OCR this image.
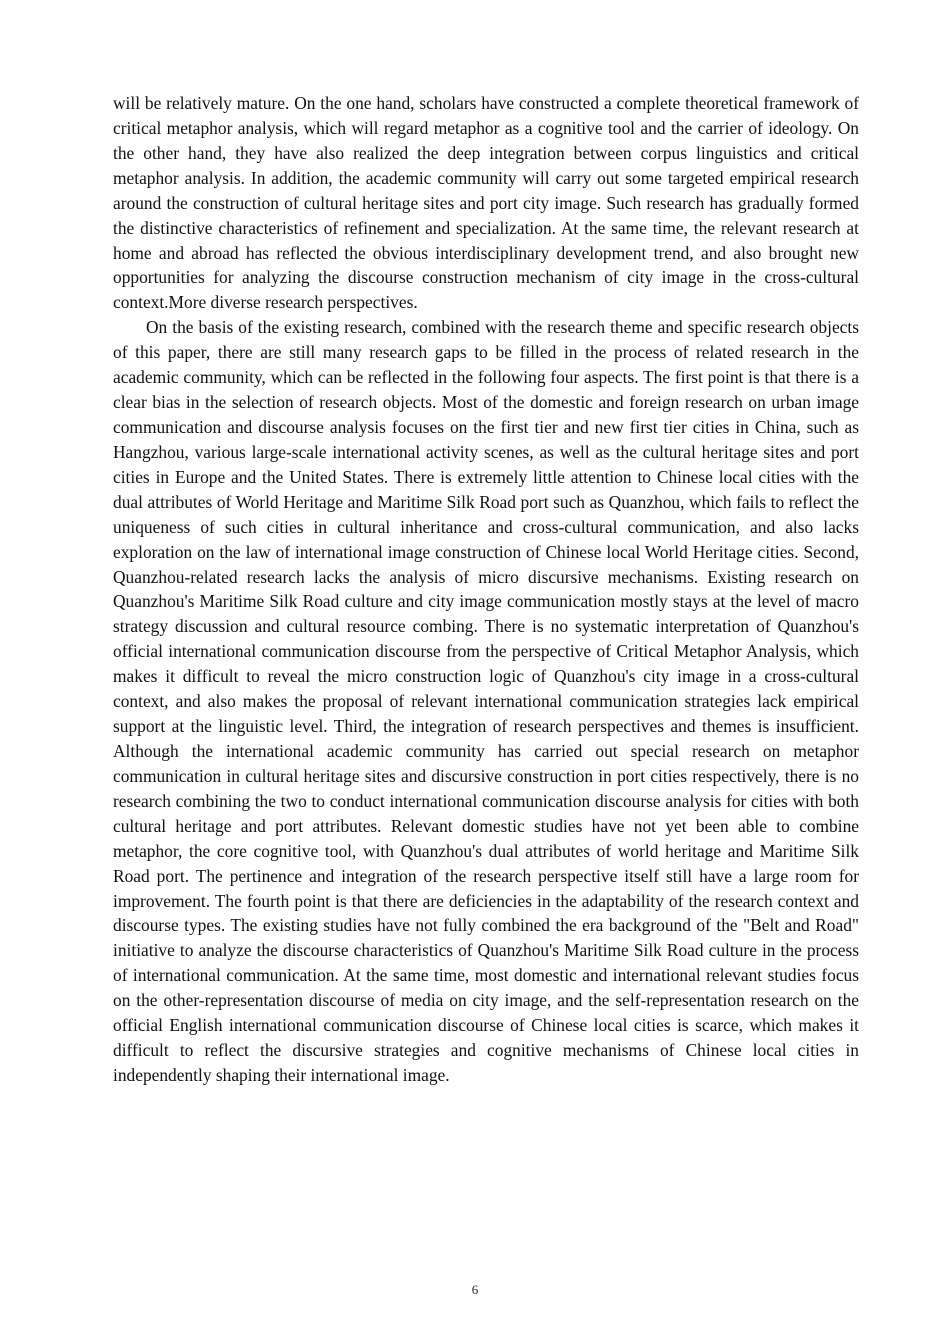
will be relatively mature. On the one hand, scholars have constructed a complete theoretical framework of critical metaphor analysis, which will regard metaphor as a cognitive tool and the carrier of ideology. On the other hand, they have also realized the deep integration between corpus linguistics and critical metaphor analysis. In addition, the academic community will carry out some targeted empirical research around the construction of cultural heritage sites and port city image. Such research has gradually formed the distinctive characteristics of refinement and specialization. At the same time, the relevant research at home and abroad has reflected the obvious interdisciplinary development trend, and also brought new opportunities for analyzing the discourse construction mechanism of city image in the cross-cultural context.More diverse research perspectives.

On the basis of the existing research, combined with the research theme and specific research objects of this paper, there are still many research gaps to be filled in the process of related research in the academic community, which can be reflected in the following four aspects. The first point is that there is a clear bias in the selection of research objects. Most of the domestic and foreign research on urban image communication and discourse analysis focuses on the first tier and new first tier cities in China, such as Hangzhou, various large-scale international activity scenes, as well as the cultural heritage sites and port cities in Europe and the United States. There is extremely little attention to Chinese local cities with the dual attributes of World Heritage and Maritime Silk Road port such as Quanzhou, which fails to reflect the uniqueness of such cities in cultural inheritance and cross-cultural communication, and also lacks exploration on the law of international image construction of Chinese local World Heritage cities. Second, Quanzhou-related research lacks the analysis of micro discursive mechanisms. Existing research on Quanzhou's Maritime Silk Road culture and city image communication mostly stays at the level of macro strategy discussion and cultural resource combing. There is no systematic interpretation of Quanzhou's official international communication discourse from the perspective of Critical Metaphor Analysis, which makes it difficult to reveal the micro construction logic of Quanzhou's city image in a cross-cultural context, and also makes the proposal of relevant international communication strategies lack empirical support at the linguistic level. Third, the integration of research perspectives and themes is insufficient. Although the international academic community has carried out special research on metaphor communication in cultural heritage sites and discursive construction in port cities respectively, there is no research combining the two to conduct international communication discourse analysis for cities with both cultural heritage and port attributes. Relevant domestic studies have not yet been able to combine metaphor, the core cognitive tool, with Quanzhou's dual attributes of world heritage and Maritime Silk Road port. The pertinence and integration of the research perspective itself still have a large room for improvement. The fourth point is that there are deficiencies in the adaptability of the research context and discourse types. The existing studies have not fully combined the era background of the "Belt and Road" initiative to analyze the discourse characteristics of Quanzhou's Maritime Silk Road culture in the process of international communication. At the same time, most domestic and international relevant studies focus on the other-representation discourse of media on city image, and the self-representation research on the official English international communication discourse of Chinese local cities is scarce, which makes it difficult to reflect the discursive strategies and cognitive mechanisms of Chinese local cities in independently shaping their international image.

6
